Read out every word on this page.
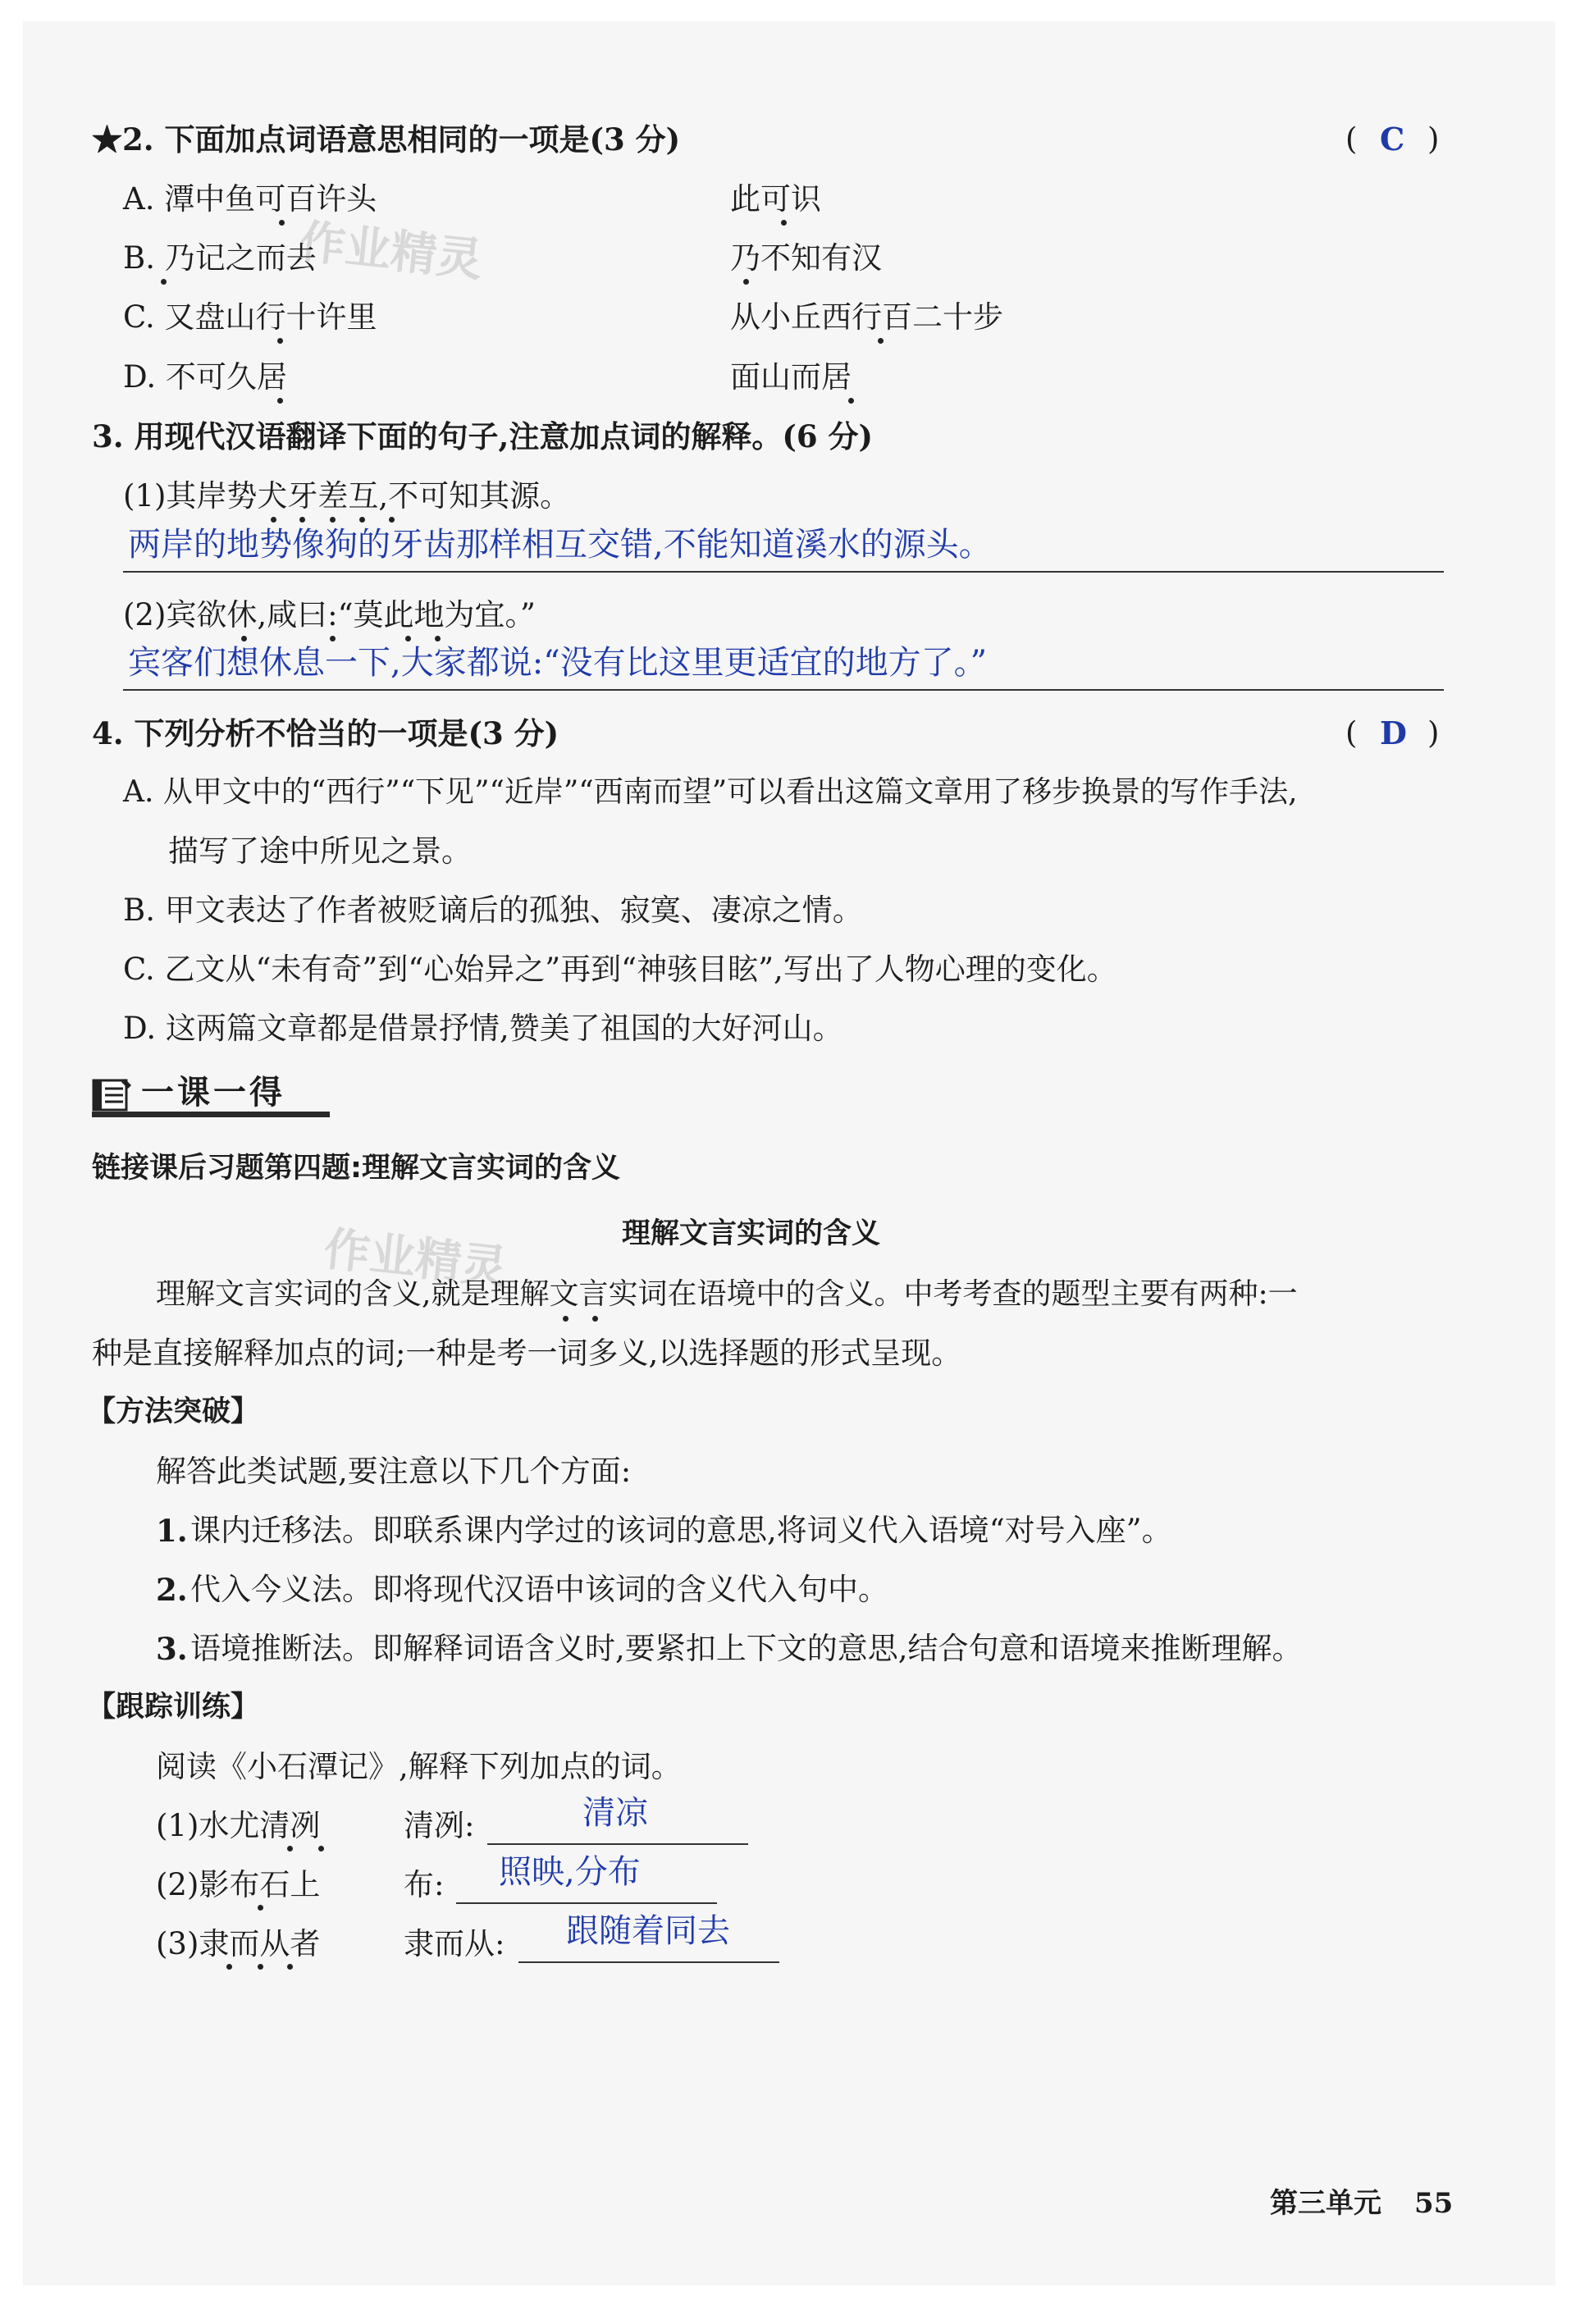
作业精灵
作业精灵
★2. 下面加点词语意思相同的一项是(3 分)	( C )
A. 潭中鱼可百许头	此可识
B. 乃记之而去	乃不知有汉
C. 又盘山行十许里	从小丘西行百二十步
D. 不可久居	面山而居
3. 用现代汉语翻译下面的句子,注意加点词的解释。(6 分)
(1)其岸势犬牙差互,不可知其源。
两岸的地势像狗的牙齿那样相互交错,不能知道溪水的源头。
(2)宾欲休,咸曰:“莫此地为宜。”
宾客们想休息一下,大家都说:“没有比这里更适宜的地方了。”
4. 下列分析不恰当的一项是(3 分)	( D )
A. 从甲文中的“西行”“下见”“近岸”“西南而望”可以看出这篇文章用了移步换景的写作手法,
描写了途中所见之景。
B. 甲文表达了作者被贬谪后的孤独、寂寞、凄凉之情。
C. 乙文从“未有奇”到“心始异之”再到“神骇目眩”,写出了人物心理的变化。
D. 这两篇文章都是借景抒情,赞美了祖国的大好河山。
一课一得
链接课后习题第四题:理解文言实词的含义
理解文言实词的含义
理解文言实词的含义,就是理解文言实词在语境中的含义。中考考查的题型主要有两种:一
种是直接解释加点的词;一种是考一词多义,以选择题的形式呈现。
【方法突破】
解答此类试题,要注意以下几个方面:
1. 课内迁移法。即联系课内学过的该词的意思,将词义代入语境“对号入座”。
2. 代入今义法。即将现代汉语中该词的含义代入句中。
3. 语境推断法。即解释词语含义时,要紧扣上下文的意思,结合句意和语境来推断理解。
【跟踪训练】
阅读《小石潭记》,解释下列加点的词。
(1)水尤清冽	清冽:	清凉
(2)影布石上	布: 照映,分布
(3)隶而从者	隶而从: 跟随着同去
第三单元 55
